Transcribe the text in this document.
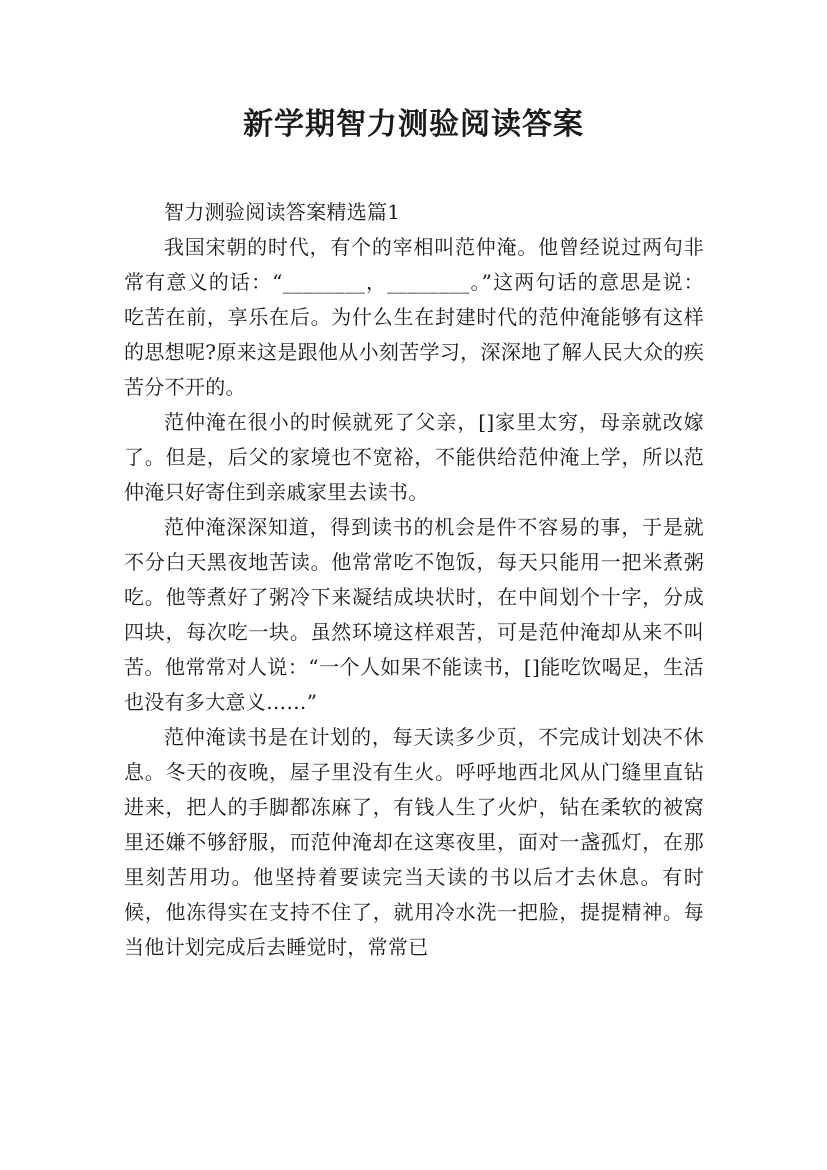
新学期智力测验阅读答案

智力测验阅读答案精选篇1

我国宋朝的时代，有个的宰相叫范仲淹。他曾经说过两句非常有意义的话：“________，________。”这两句话的意思是说：吃苦在前，享乐在后。为什么生在封建时代的范仲淹能够有这样的思想呢?原来这是跟他从小刻苦学习，深深地了解人民大众的疾苦分不开的。

范仲淹在很小的时候就死了父亲，[]家里太穷，母亲就改嫁了。但是，后父的家境也不宽裕，不能供给范仲淹上学，所以范仲淹只好寄住到亲戚家里去读书。

范仲淹深深知道，得到读书的机会是件不容易的事，于是就不分白天黑夜地苦读。他常常吃不饱饭，每天只能用一把米煮粥吃。他等煮好了粥冷下来凝结成块状时，在中间划个十字，分成四块，每次吃一块。虽然环境这样艰苦，可是范仲淹却从来不叫苦。他常常对人说：“一个人如果不能读书，[]能吃饮喝足，生活也没有多大意义……”

范仲淹读书是在计划的，每天读多少页，不完成计划决不休息。冬天的夜晚，屋子里没有生火。呼呼地西北风从门缝里直钻进来，把人的手脚都冻麻了，有钱人生了火炉，钻在柔软的被窝里还嫌不够舒服，而范仲淹却在这寒夜里，面对一盏孤灯，在那里刻苦用功。他坚持着要读完当天读的书以后才去休息。有时候，他冻得实在支持不住了，就用冷水洗一把脸，提提精神。每当他计划完成后去睡觉时，常常已
